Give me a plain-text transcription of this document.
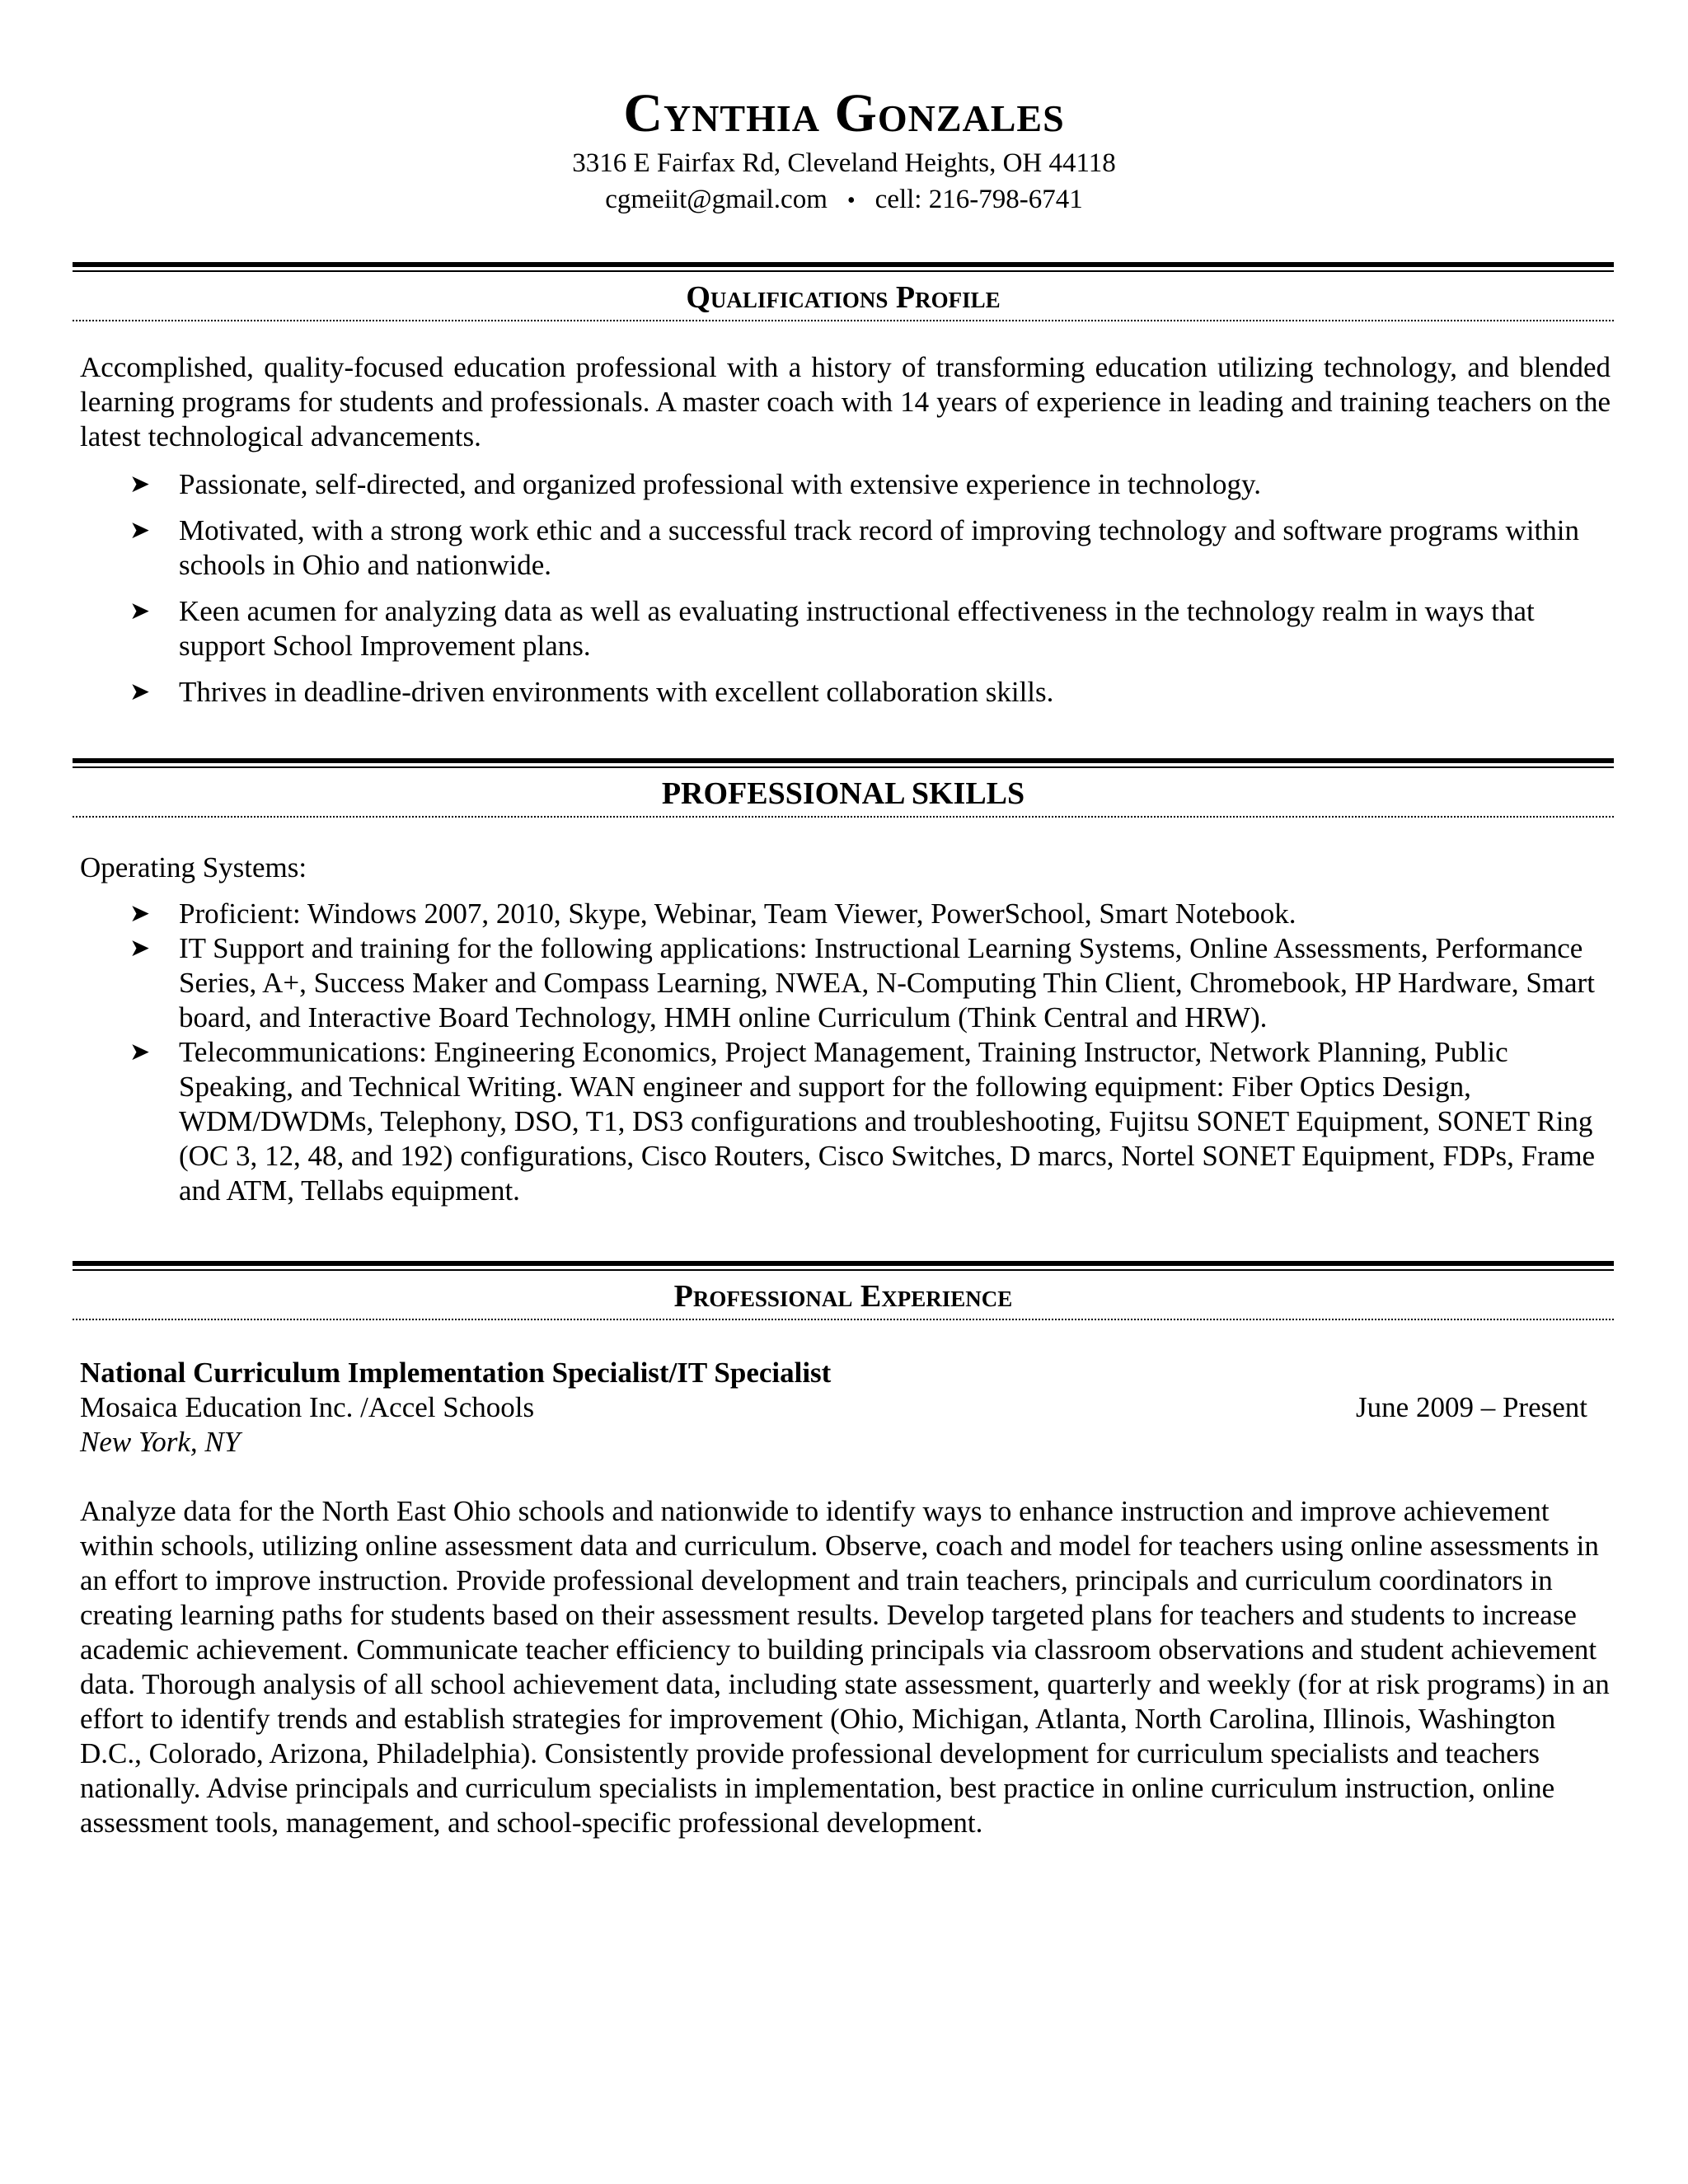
Cynthia Gonzales
3316 E Fairfax Rd, Cleveland Heights, OH 44118
cgmeiit@gmail.com • cell: 216-798-6741
Qualifications Profile
Accomplished, quality-focused education professional with a history of transforming education utilizing technology, and blended learning programs for students and professionals. A master coach with 14 years of experience in leading and training teachers on the latest technological advancements.
➤ Passionate, self-directed, and organized professional with extensive experience in technology.
➤ Motivated, with a strong work ethic and a successful track record of improving technology and software programs within schools in Ohio and nationwide.
➤ Keen acumen for analyzing data as well as evaluating instructional effectiveness in the technology realm in ways that support School Improvement plans.
➤ Thrives in deadline-driven environments with excellent collaboration skills.
PROFESSIONAL SKILLS
Operating Systems:
➤ Proficient: Windows 2007, 2010, Skype, Webinar, Team Viewer, PowerSchool, Smart Notebook.
➤ IT Support and training for the following applications: Instructional Learning Systems, Online Assessments, Performance Series, A+, Success Maker and Compass Learning, NWEA, N-Computing Thin Client, Chromebook, HP Hardware, Smart board, and Interactive Board Technology, HMH online Curriculum (Think Central and HRW).
➤ Telecommunications: Engineering Economics, Project Management, Training Instructor, Network Planning, Public Speaking, and Technical Writing. WAN engineer and support for the following equipment: Fiber Optics Design, WDM/DWDMs, Telephony, DSO, T1, DS3 configurations and troubleshooting, Fujitsu SONET Equipment, SONET Ring (OC 3, 12, 48, and 192) configurations, Cisco Routers, Cisco Switches, D marcs, Nortel SONET Equipment, FDPs, Frame and ATM, Tellabs equipment.
Professional Experience
National Curriculum Implementation Specialist/IT Specialist
Mosaica Education Inc. /Accel Schools	June 2009 – Present
New York, NY
Analyze data for the North East Ohio schools and nationwide to identify ways to enhance instruction and improve achievement within schools, utilizing online assessment data and curriculum. Observe, coach and model for teachers using online assessments in an effort to improve instruction. Provide professional development and train teachers, principals and curriculum coordinators in creating learning paths for students based on their assessment results. Develop targeted plans for teachers and students to increase academic achievement. Communicate teacher efficiency to building principals via classroom observations and student achievement data. Thorough analysis of all school achievement data, including state assessment, quarterly and weekly (for at risk programs) in an effort to identify trends and establish strategies for improvement (Ohio, Michigan, Atlanta, North Carolina, Illinois, Washington D.C., Colorado, Arizona, Philadelphia). Consistently provide professional development for curriculum specialists and teachers nationally. Advise principals and curriculum specialists in implementation, best practice in online curriculum instruction, online assessment tools, management, and school-specific professional development.
